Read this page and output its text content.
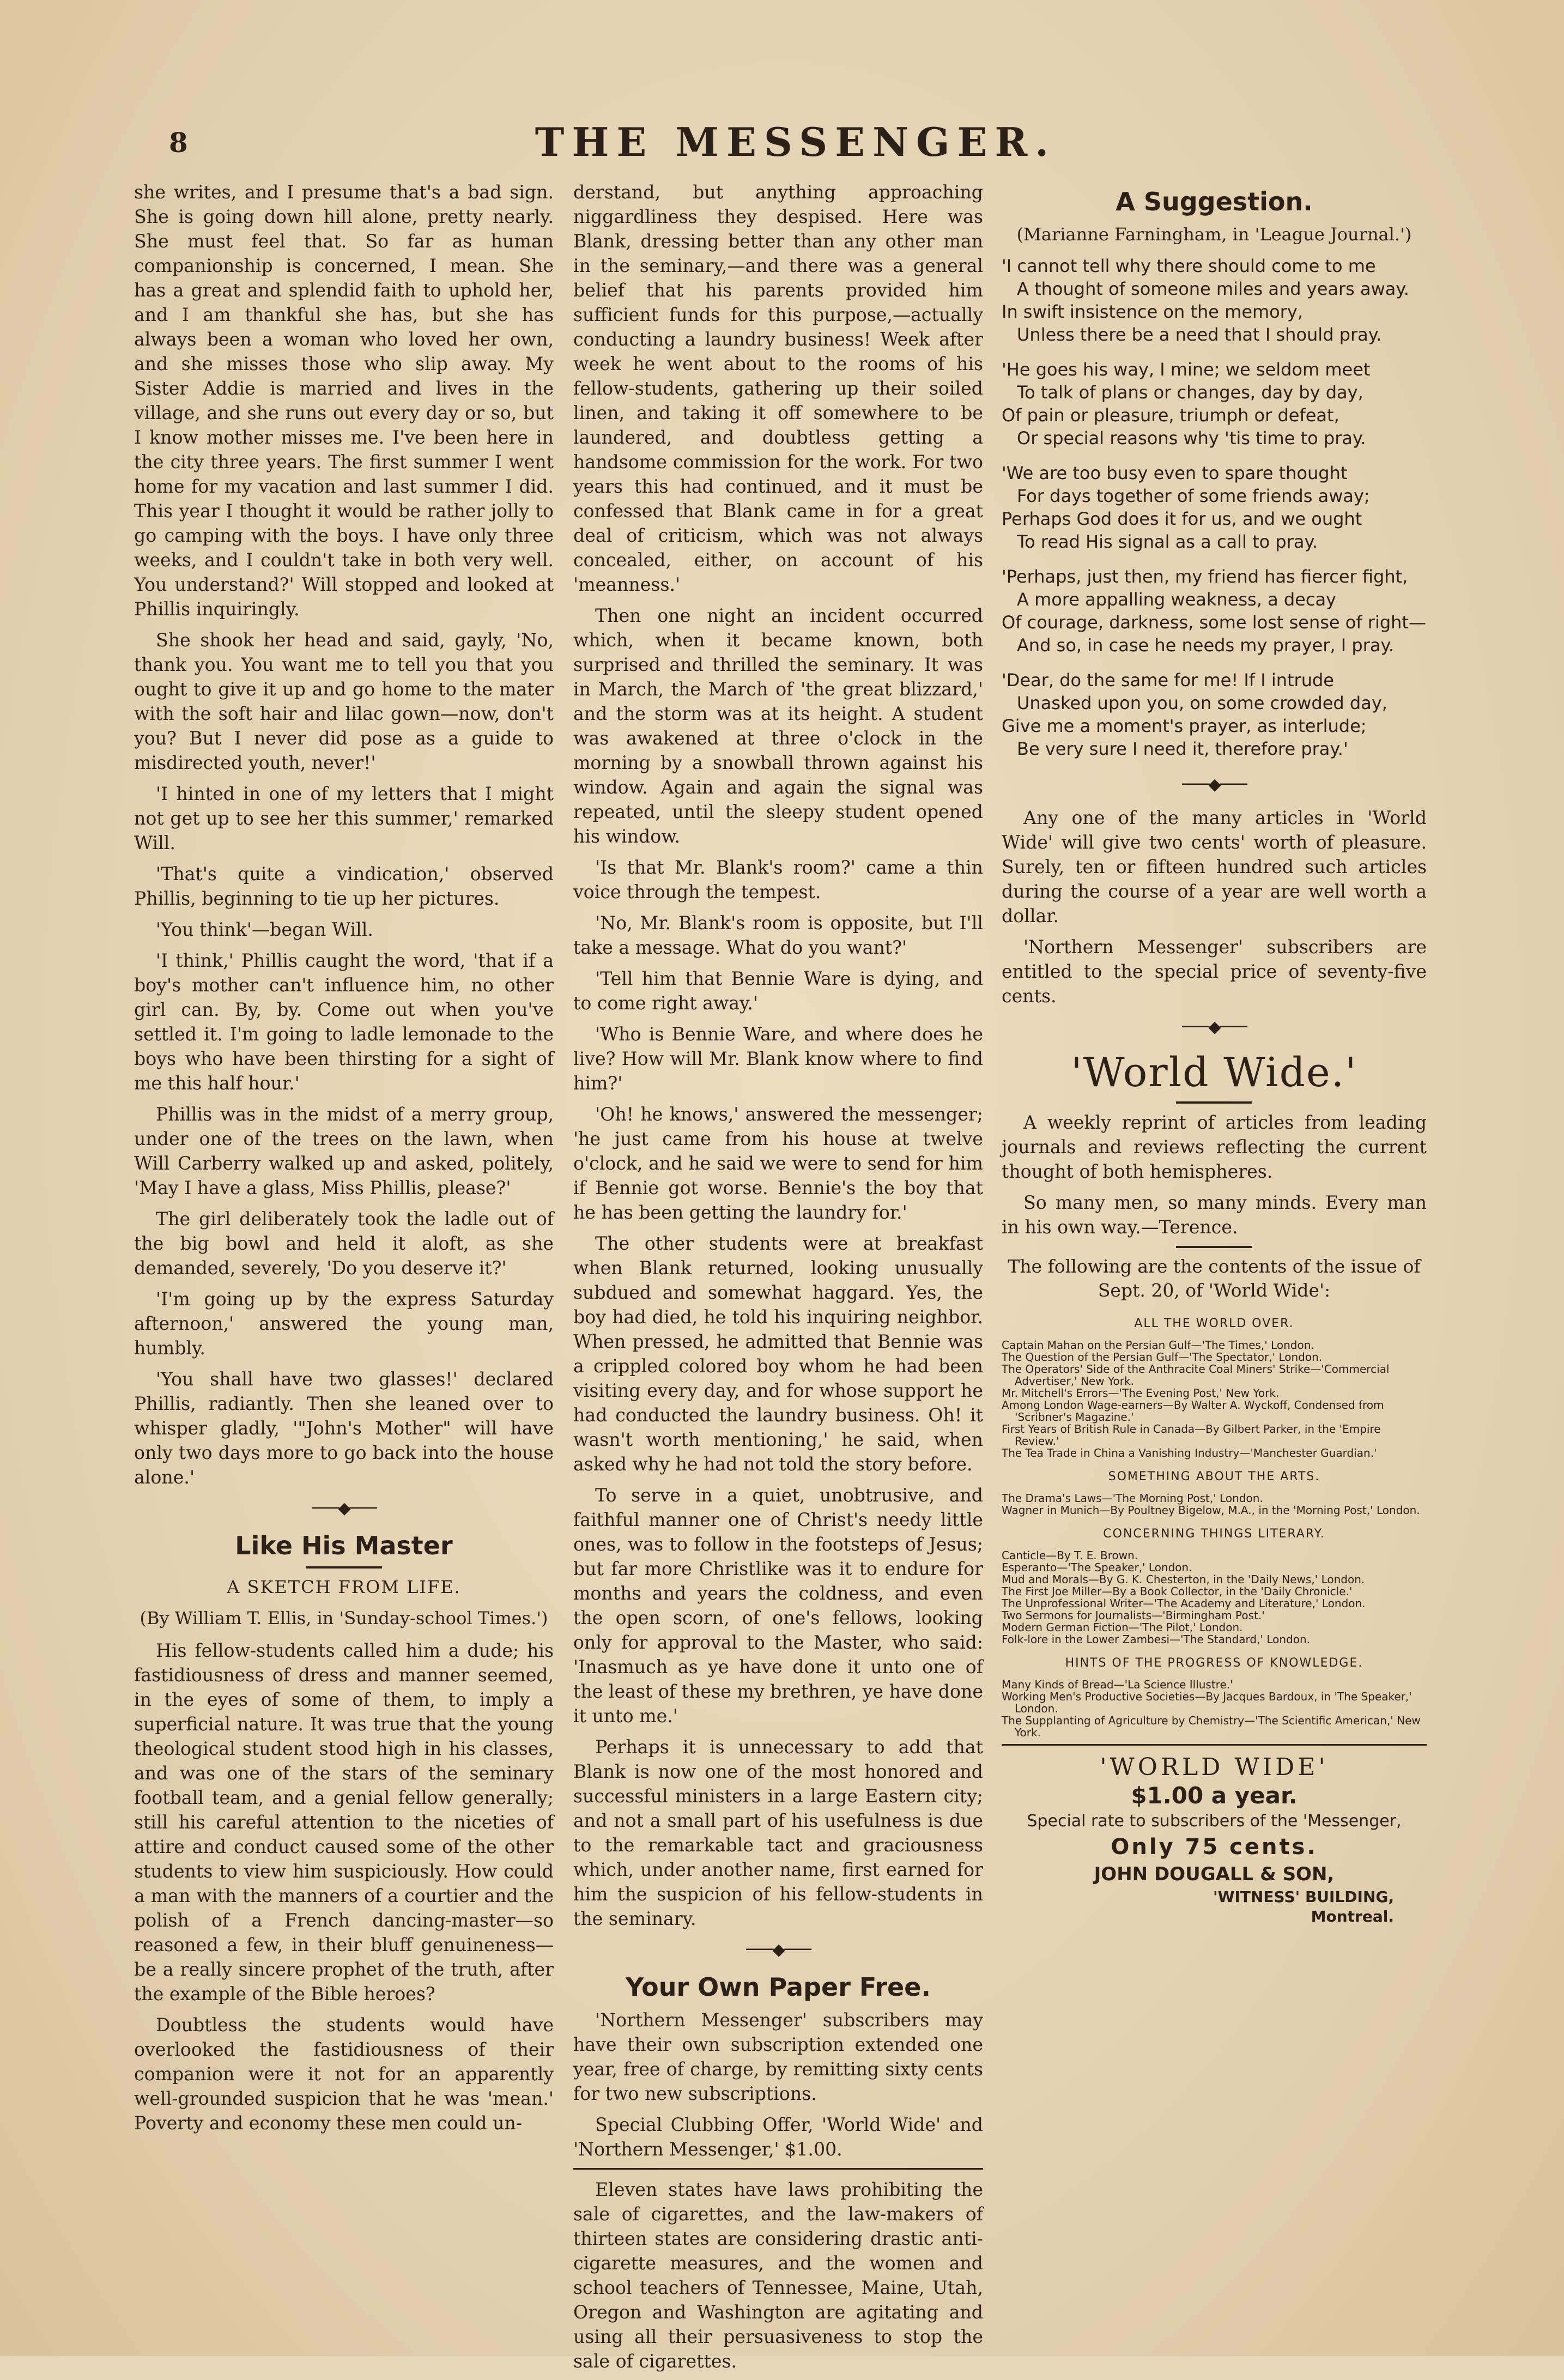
8	THE MESSENGER.

she writes, and I presume that's a bad sign. She is going down hill alone, pretty nearly. She must feel that. So far as human companionship is concerned, I mean. She has a great and splendid faith to uphold her, and I am thankful she has, but she has always been a woman who loved her own, and she misses those who slip away. My Sister Addie is married and lives in the village, and she runs out every day or so, but I know mother misses me. I've been here in the city three years. The first summer I went home for my vacation and last summer I did. This year I thought it would be rather jolly to go camping with the boys. I have only three weeks, and I couldn't take in both very well. You understand?' Will stopped and looked at Phillis inquiringly.

She shook her head and said, gayly, 'No, thank you. You want me to tell you that you ought to give it up and go home to the mater with the soft hair and lilac gown—now, don't you? But I never did pose as a guide to misdirected youth, never!'

'I hinted in one of my letters that I might not get up to see her this summer,' remarked Will.

'That's quite a vindication,' observed Phillis, beginning to tie up her pictures.

'You think'—began Will.

'I think,' Phillis caught the word, 'that if a boy's mother can't influence him, no other girl can. By, by. Come out when you've settled it. I'm going to ladle lemonade to the boys who have been thirsting for a sight of me this half hour.'

Phillis was in the midst of a merry group, under one of the trees on the lawn, when Will Carberry walked up and asked, politely, 'May I have a glass, Miss Phillis, please?'

The girl deliberately took the ladle out of the big bowl and held it aloft, as she demanded, severely, 'Do you deserve it?'

'I'm going up by the express Saturday afternoon,' answered the young man, humbly.

'You shall have two glasses!' declared Phillis, radiantly. Then she leaned over to whisper gladly, '"John's Mother" will have only two days more to go back into the house alone.'

───◆───
Like His Master
A SKETCH FROM LIFE.
(By William T. Ellis, in 'Sunday-school Times.')

His fellow-students called him a dude; his fastidiousness of dress and manner seemed, in the eyes of some of them, to imply a superficial nature. It was true that the young theological student stood high in his classes, and was one of the stars of the seminary football team, and a genial fellow generally; still his careful attention to the niceties of attire and conduct caused some of the other students to view him suspiciously. How could a man with the manners of a courtier and the polish of a French dancing-master—so reasoned a few, in their bluff genuineness—be a really sincere prophet of the truth, after the example of the Bible heroes?

Doubtless the students would have overlooked the fastidiousness of their companion were it not for an apparently well-grounded suspicion that he was 'mean.' Poverty and economy these men could un-

derstand, but anything approaching niggardliness they despised. Here was Blank, dressing better than any other man in the seminary,—and there was a general belief that his parents provided him sufficient funds for this purpose,—actually conducting a laundry business! Week after week he went about to the rooms of his fellow-students, gathering up their soiled linen, and taking it off somewhere to be laundered, and doubtless getting a handsome commission for the work. For two years this had continued, and it must be confessed that Blank came in for a great deal of criticism, which was not always concealed, either, on account of his 'meanness.'

Then one night an incident occurred which, when it became known, both surprised and thrilled the seminary. It was in March, the March of 'the great blizzard,' and the storm was at its height. A student was awakened at three o'clock in the morning by a snowball thrown against his window. Again and again the signal was repeated, until the sleepy student opened his window.

'Is that Mr. Blank's room?' came a thin voice through the tempest.

'No, Mr. Blank's room is opposite, but I'll take a message. What do you want?'

'Tell him that Bennie Ware is dying, and to come right away.'

'Who is Bennie Ware, and where does he live? How will Mr. Blank know where to find him?'

'Oh! he knows,' answered the messenger; 'he just came from his house at twelve o'clock, and he said we were to send for him if Bennie got worse. Bennie's the boy that he has been getting the laundry for.'

The other students were at breakfast when Blank returned, looking unusually subdued and somewhat haggard. Yes, the boy had died, he told his inquiring neighbor. When pressed, he admitted that Bennie was a crippled colored boy whom he had been visiting every day, and for whose support he had conducted the laundry business. Oh! it wasn't worth mentioning,' he said, when asked why he had not told the story before.

To serve in a quiet, unobtrusive, and faithful manner one of Christ's needy little ones, was to follow in the footsteps of Jesus; but far more Christlike was it to endure for months and years the coldness, and even the open scorn, of one's fellows, looking only for approval to the Master, who said: 'Inasmuch as ye have done it unto one of the least of these my brethren, ye have done it unto me.'

Perhaps it is unnecessary to add that Blank is now one of the most honored and successful ministers in a large Eastern city; and not a small part of his usefulness is due to the remarkable tact and graciousness which, under another name, first earned for him the suspicion of his fellow-students in the seminary.

───◆───
Your Own Paper Free.

'Northern Messenger' subscribers may have their own subscription extended one year, free of charge, by remitting sixty cents for two new subscriptions.

Special Clubbing Offer, 'World Wide' and 'Northern Messenger,' $1.00.

Eleven states have laws prohibiting the sale of cigarettes, and the law-makers of thirteen states are considering drastic anti-cigarette measures, and the women and school teachers of Tennessee, Maine, Utah, Oregon and Washington are agitating and using all their persuasiveness to stop the sale of cigarettes.

A Suggestion.
(Marianne Farningham, in 'League Journal.')
'I cannot tell why there should come to me
A thought of someone miles and years away.
In swift insistence on the memory,
Unless there be a need that I should pray.
'He goes his way, I mine; we seldom meet
To talk of plans or changes, day by day,
Of pain or pleasure, triumph or defeat,
Or special reasons why 'tis time to pray.
'We are too busy even to spare thought
For days together of some friends away;
Perhaps God does it for us, and we ought
To read His signal as a call to pray.
'Perhaps, just then, my friend has fiercer fight,
A more appalling weakness, a decay
Of courage, darkness, some lost sense of right—
And so, in case he needs my prayer, I pray.
'Dear, do the same for me! If I intrude
Unasked upon you, on some crowded day,
Give me a moment's prayer, as interlude;
Be very sure I need it, therefore pray.'
───◆───

Any one of the many articles in 'World Wide' will give two cents' worth of pleasure. Surely, ten or fifteen hundred such articles during the course of a year are well worth a dollar.

'Northern Messenger' subscribers are entitled to the special price of seventy-five cents.

───◆───
'World Wide.'

A weekly reprint of articles from leading journals and reviews reflecting the current thought of both hemispheres.

So many men, so many minds. Every man in his own way.—Terence.

The following are the contents of the issue of Sept. 20, of 'World Wide':
ALL THE WORLD OVER.
Captain Mahan on the Persian Gulf—'The Times,' London.
The Question of the Persian Gulf—'The Spectator,' London.
The Operators' Side of the Anthracite Coal Miners' Strike—'Commercial Advertiser,' New York.
Mr. Mitchell's Errors—'The Evening Post,' New York.
Among London Wage-earners—By Walter A. Wyckoff, Condensed from 'Scribner's Magazine.'
First Years of British Rule in Canada—By Gilbert Parker, in the 'Empire Review.'
The Tea Trade in China a Vanishing Industry—'Manchester Guardian.'
SOMETHING ABOUT THE ARTS.
The Drama's Laws—'The Morning Post,' London.
Wagner in Munich—By Poultney Bigelow, M.A., in the 'Morning Post,' London.
CONCERNING THINGS LITERARY.
Canticle—By T. E. Brown.
Esperanto—'The Speaker,' London.
Mud and Morals—By G. K. Chesterton, in the 'Daily News,' London.
The First Joe Miller—By a Book Collector, in the 'Daily Chronicle.'
The Unprofessional Writer—'The Academy and Literature,' London.
Two Sermons for Journalists—'Birmingham Post.'
Modern German Fiction—'The Pilot,' London.
Folk-lore in the Lower Zambesi—'The Standard,' London.
HINTS OF THE PROGRESS OF KNOWLEDGE.
Many Kinds of Bread—'La Science Illustre.'
Working Men's Productive Societies—By Jacques Bardoux, in 'The Speaker,' London.
The Supplanting of Agriculture by Chemistry—'The Scientific American,' New York.
'WORLD WIDE'
$1.00 a year.
Special rate to subscribers of the 'Messenger,
Only 75 cents.
JOHN DOUGALL & SON,
'WITNESS' BUILDING,
Montreal.
